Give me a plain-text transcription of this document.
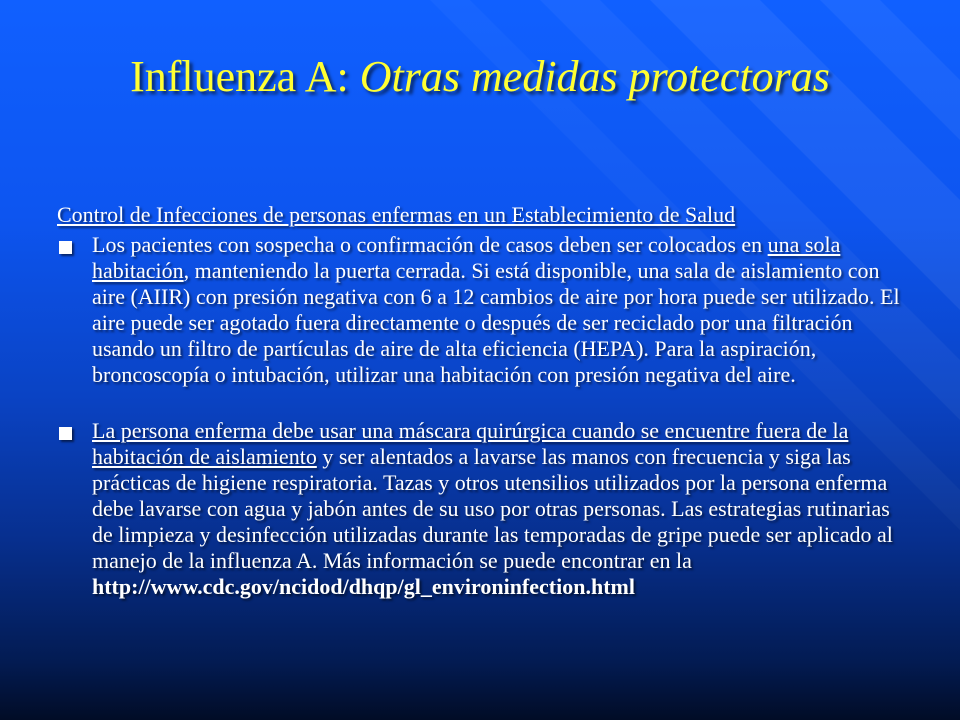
Influenza A: Otras medidas protectoras

Control de Infecciones de personas enfermas en un Establecimiento de Salud

Los pacientes con sospecha o confirmación de casos deben ser colocados en una sola habitación, manteniendo la puerta cerrada. Si está disponible, una sala de aislamiento con aire (AIIR) con presión negativa con 6 a 12 cambios de aire por hora puede ser utilizado. El aire puede ser agotado fuera directamente o después de ser reciclado por una filtración usando un filtro de partículas de aire de alta eficiencia (HEPA). Para la aspiración, broncoscopía o intubación, utilizar una habitación con presión negativa del aire.

La persona enferma debe usar una máscara quirúrgica cuando se encuentre fuera de la habitación de aislamiento y ser alentados a lavarse las manos con frecuencia y siga las prácticas de higiene respiratoria. Tazas y otros utensilios utilizados por la persona enferma debe lavarse con agua y jabón antes de su uso por otras personas. Las estrategias rutinarias de limpieza y desinfección utilizadas durante las temporadas de gripe puede ser aplicado al manejo de la influenza A. Más información se puede encontrar en la http://www.cdc.gov/ncidod/dhqp/gl_environinfection.html
